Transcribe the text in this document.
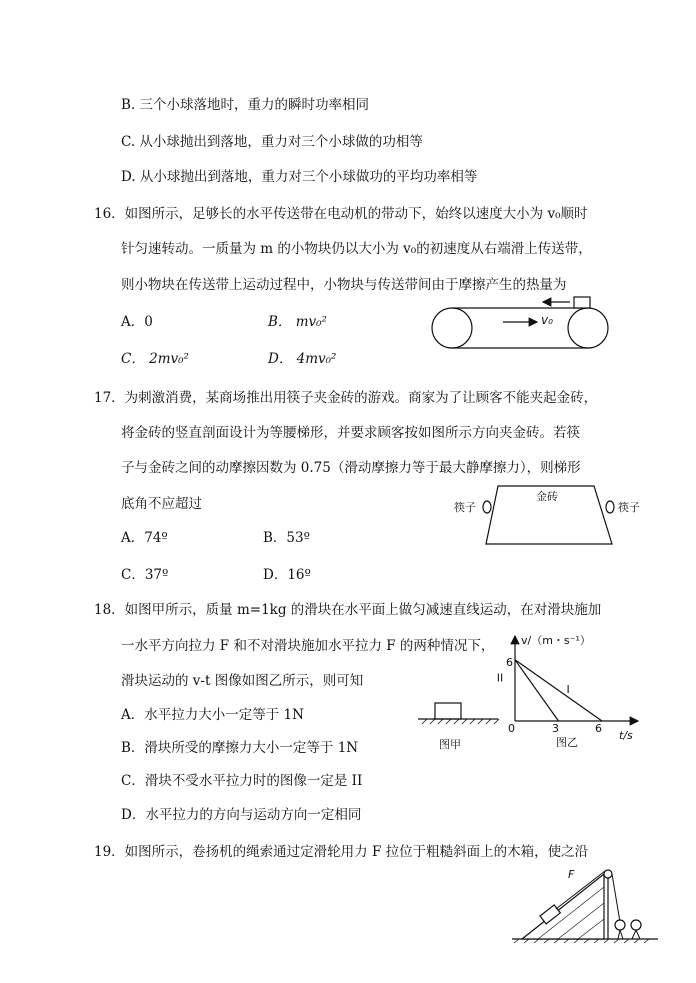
B. 三个小球落地时，重力的瞬时功率相同
C. 从小球抛出到落地，重力对三个小球做的功相等
D. 从小球抛出到落地，重力对三个小球做功的平均功率相等
16．如图所示，足够长的水平传送带在电动机的带动下，始终以速度大小为 v₀顺时
针匀速转动。一质量为 m 的小物块仍以大小为 v₀的初速度从右端滑上传送带，
则小物块在传送带上运动过程中，小物块与传送带间由于摩擦产生的热量为
A．0	B． mv₀²
C． 2mv₀²	D． 4mv₀²
v₀
17．为刺激消费，某商场推出用筷子夹金砖的游戏。商家为了让顾客不能夹起金砖，
将金砖的竖直剖面设计为等腰梯形，并要求顾客按如图所示方向夹金砖。若筷
子与金砖之间的动摩擦因数为 0.75（滑动摩擦力等于最大静摩擦力），则梯形
底角不应超过
A．74º	B．53º
C．37º	D．16º
金砖
筷子	筷子
18．如图甲所示，质量 m=1kg 的滑块在水平面上做匀减速直线运动，在对滑块施加
一水平方向拉力 F 和不对滑块施加水平拉力 F 的两种情况下，
滑块运动的 v-t 图像如图乙所示，则可知
A．水平拉力大小一定等于 1N
B．滑块所受的摩擦力大小一定等于 1N
C．滑块不受水平拉力时的图像一定是 II
D．水平拉力的方向与运动方向一定相同
图甲
v/（m・s⁻¹）
t/s
0	3	6
6
图乙
I
II
19．如图所示，卷扬机的绳索通过定滑轮用力 F 拉位于粗糙斜面上的木箱，使之沿
F
